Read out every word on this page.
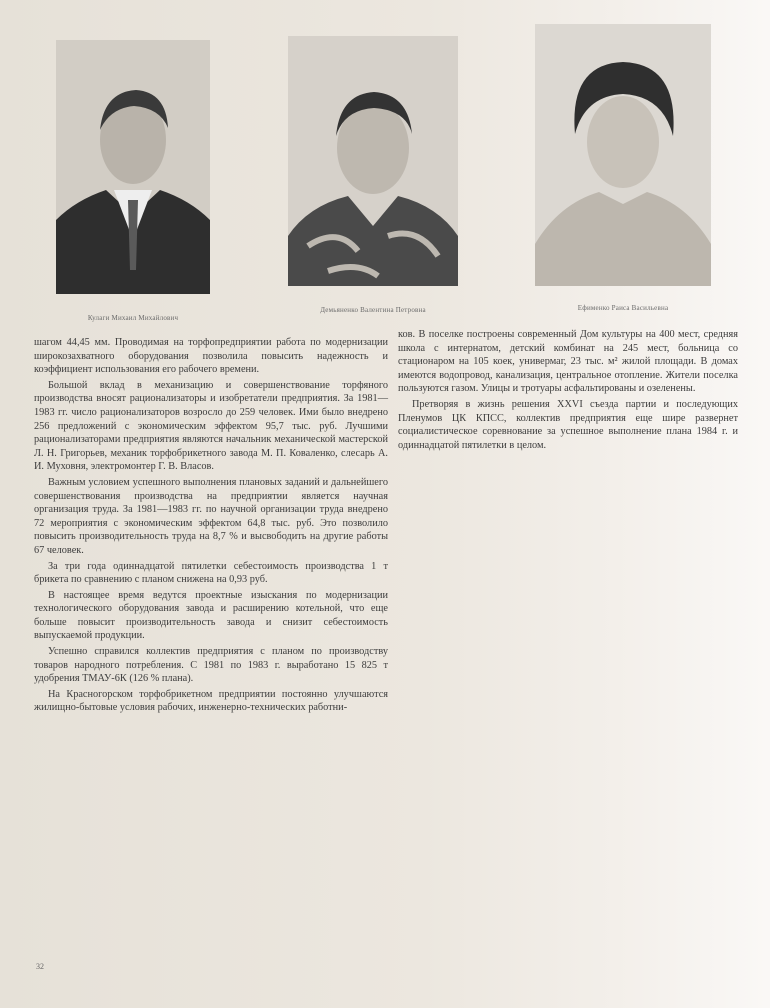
Кулаги Михаил Михайлович
Демьяненко Валентина Петровна	Ефименко Раиса Васильевна

шагом 44,45 мм. Проводимая на торфопредприятии работа по модернизации широкозахватного оборудования позволила повысить надежность и коэффициент использования его рабочего времени.

Большой вклад в механизацию и совершенствование торфяного производства вносят рационализаторы и изобретатели предприятия. За 1981—1983 гг. число рационализаторов возросло до 259 человек. Ими было внедрено 256 предложений с экономическим эффектом 95,7 тыс. руб. Лучшими рационализаторами предприятия являются начальник механической мастерской Л. Н. Григорьев, механик торфобрикетного завода М. П. Коваленко, слесарь А. И. Муховня, электромонтер Г. В. Власов.

Важным условием успешного выполнения плановых заданий и дальнейшего совершенствования производства на предприятии является научная организация труда. За 1981—1983 гг. по научной организации труда внедрено 72 мероприятия с экономическим эффектом 64,8 тыс. руб. Это позволило повысить производительность труда на 8,7 % и высвободить на другие работы 67 человек.

За три года одиннадцатой пятилетки себестоимость производства 1 т брикета по сравнению с планом снижена на 0,93 руб.

В настоящее время ведутся проектные изыскания по модернизации технологического оборудования завода и расширению котельной, что еще больше повысит производительность завода и снизит себестоимость выпускаемой продукции.

Успешно справился коллектив предприятия с планом по производству товаров народного потребления. С 1981 по 1983 г. выработано 15 825 т удобрения ТМАУ-6К (126 % плана).

На Красногорском торфобрикетном предприятии постоянно улучшаются жилищно-бытовые условия рабочих, инженерно-технических работни-

ков. В поселке построены современный Дом культуры на 400 мест, средняя школа с интернатом, детский комбинат на 245 мест, больница со стационаром на 105 коек, универмаг, 23 тыс. м² жилой площади. В домах имеются водопровод, канализация, центральное отопление. Жители поселка пользуются газом. Улицы и тротуары асфальтированы и озеленены.

Претворяя в жизнь решения XXVI съезда партии и последующих Пленумов ЦК КПСС, коллектив предприятия еще шире развернет социалистическое соревнование за успешное выполнение плана 1984 г. и одиннадцатой пятилетки в целом.

32
